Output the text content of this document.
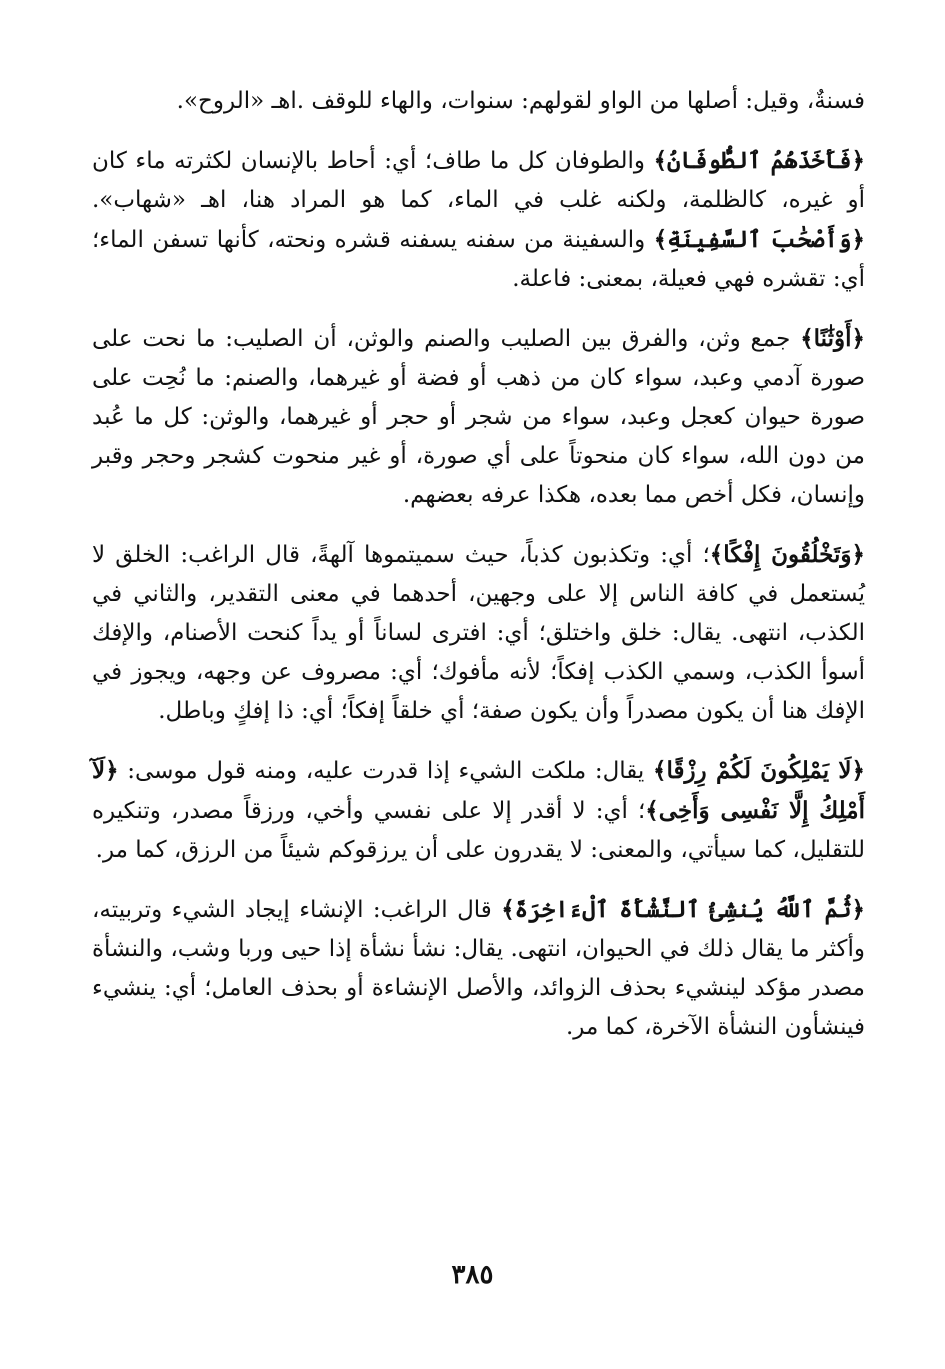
فسنةٌ، وقيل: أصلها من الواو لقولهم: سنوات، والهاء للوقف .اهـ «الروح».

﴿فَأَخَذَهُمُ ٱلطُّوفَانُ﴾ والطوفان كل ما طاف؛ أي: أحاط بالإنسان لكثرته ماء كان أو غيره، كالظلمة، ولكنه غلب في الماء، كما هو المراد هنا، اهـ «شهاب». ﴿وَأَصْحَٰبَ ٱلسَّفِينَةِ﴾ والسفينة من سفنه يسفنه قشره ونحته، كأنها تسفن الماء؛ أي: تقشره فهي فعيلة، بمعنى: فاعلة.

﴿أَوْثَٰنًا﴾ جمع وثن، والفرق بين الصليب والصنم والوثن، أن الصليب: ما نحت على صورة آدمي وعبد، سواء كان من ذهب أو فضة أو غيرهما، والصنم: ما نُحِت على صورة حيوان كعجل وعبد، سواء من شجر أو حجر أو غيرهما، والوثن: كل ما عُبد من دون الله، سواء كان منحوتاً على أي صورة، أو غير منحوت كشجر وحجر وقبر وإنسان، فكل أخص مما بعده، هكذا عرفه بعضهم.

﴿وَتَخْلُقُونَ إِفْكًا﴾؛ أي: وتكذبون كذباً، حيث سميتموها آلهةً، قال الراغب: الخلق لا يُستعمل في كافة الناس إلا على وجهين، أحدهما في معنى التقدير، والثاني في الكذب، انتهى. يقال: خلق واختلق؛ أي: افترى لساناً أو يداً كنحت الأصنام، والإفك أسوأ الكذب، وسمي الكذب إفكاً؛ لأنه مأفوك؛ أي: مصروف عن وجهه، ويجوز في الإفك هنا أن يكون مصدراً وأن يكون صفة؛ أي خلقاً إفكاً؛ أي: ذا إفكٍ وباطل.

﴿لَا يَمْلِكُونَ لَكُمْ رِزْقًا﴾ يقال: ملكت الشيء إذا قدرت عليه، ومنه قول موسى: ﴿لَآ أَمْلِكُ إِلَّا نَفْسِى وَأَخِى﴾؛ أي: لا أقدر إلا على نفسي وأخي، ورزقاً مصدر، وتنكيره للتقليل، كما سيأتي، والمعنى: لا يقدرون على أن يرزقوكم شيئاً من الرزق، كما مر.

﴿ثُمَّ ٱللَّهُ يُنشِئُ ٱلنَّشْأَةَ ٱلْءَاخِرَةَ﴾ قال الراغب: الإنشاء إيجاد الشيء وتربيته، وأكثر ما يقال ذلك في الحيوان، انتهى. يقال: نشأ نشأة إذا حيى وربا وشب، والنشأة مصدر مؤكد لينشيء بحذف الزوائد، والأصل الإنشاءة أو بحذف العامل؛ أي: ينشيء فينشأون النشأة الآخرة، كما مر.

٣٨٥
